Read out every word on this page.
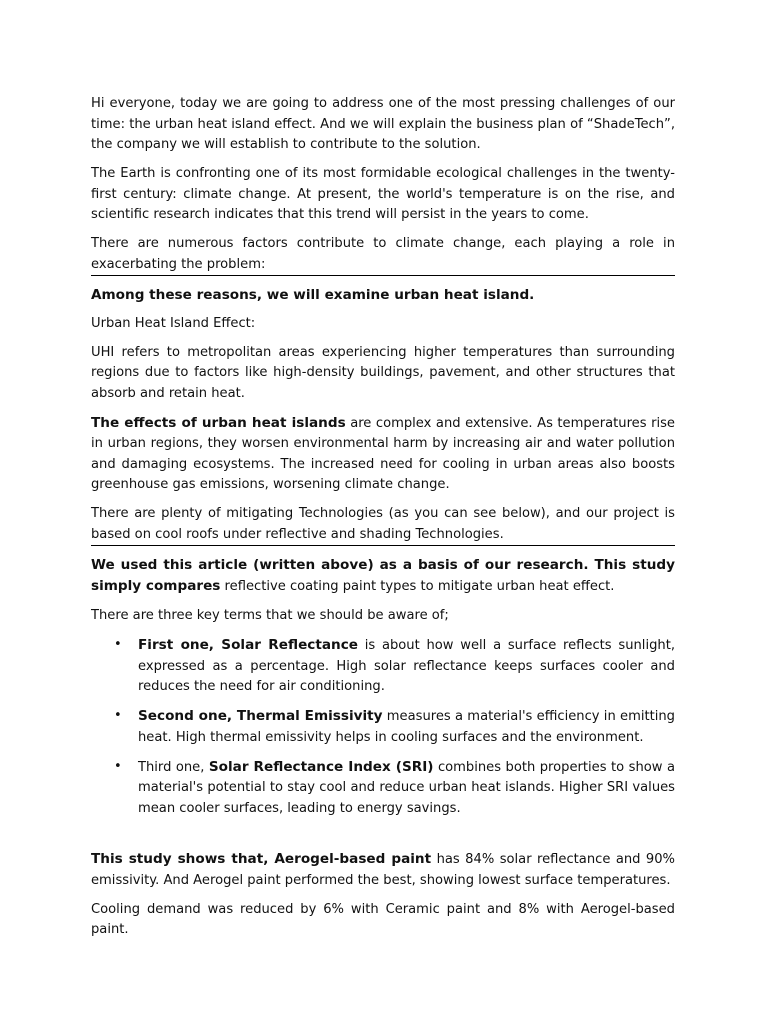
Hi everyone, today we are going to address one of the most pressing challenges of our time: the urban heat island effect. And we will explain the business plan of “ShadeTech”, the company we will establish to contribute to the solution.

The Earth is confronting one of its most formidable ecological challenges in the twenty-first century: climate change. At present, the world's temperature is on the rise, and scientific research indicates that this trend will persist in the years to come.

There are numerous factors contribute to climate change, each playing a role in exacerbating the problem:

Among these reasons, we will examine urban heat island.

Urban Heat Island Effect:

UHI refers to metropolitan areas experiencing higher temperatures than surrounding regions due to factors like high-density buildings, pavement, and other structures that absorb and retain heat.

The effects of urban heat islands are complex and extensive. As temperatures rise in urban regions, they worsen environmental harm by increasing air and water pollution and damaging ecosystems. The increased need for cooling in urban areas also boosts greenhouse gas emissions, worsening climate change.

There are plenty of mitigating Technologies (as you can see below), and our project is based on cool roofs under reflective and shading Technologies.

We used this article (written above) as a basis of our research. This study simply compares reflective coating paint types to mitigate urban heat effect.

There are three key terms that we should be aware of;

• First one, Solar Reflectance is about how well a surface reflects sunlight, expressed as a percentage. High solar reflectance keeps surfaces cooler and reduces the need for air conditioning.
• Second one, Thermal Emissivity measures a material's efficiency in emitting heat. High thermal emissivity helps in cooling surfaces and the environment.
• Third one, Solar Reflectance Index (SRI) combines both properties to show a material's potential to stay cool and reduce urban heat islands. Higher SRI values mean cooler surfaces, leading to energy savings.

This study shows that, Aerogel-based paint has 84% solar reflectance and 90% emissivity. And Aerogel paint performed the best, showing lowest surface temperatures.

Cooling demand was reduced by 6% with Ceramic paint and 8% with Aerogel-based paint.
